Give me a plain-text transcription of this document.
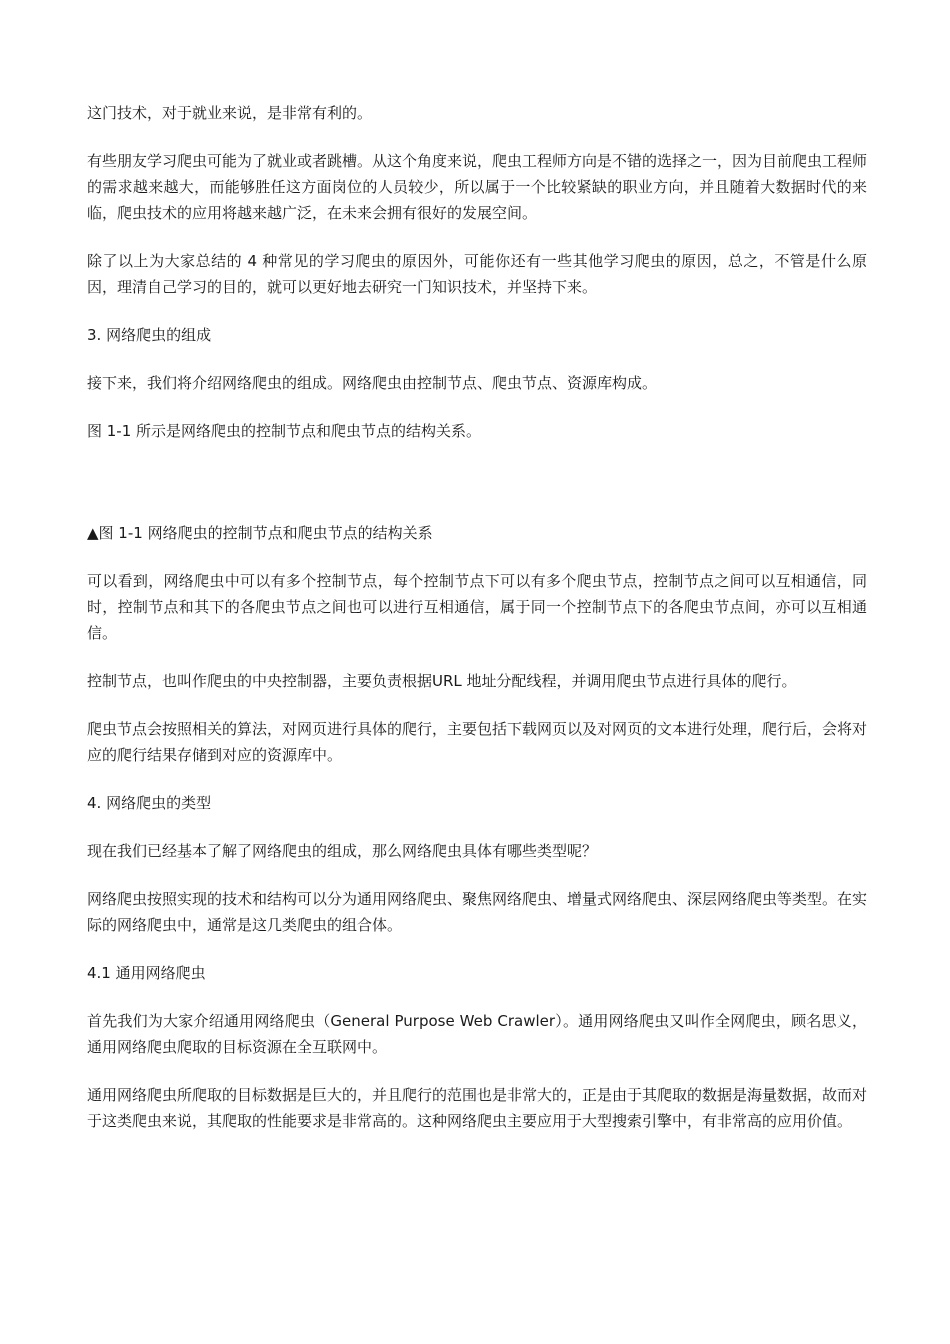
这门技术，对于就业来说，是非常有利的。

有些朋友学习爬虫可能为了就业或者跳槽。从这个角度来说，爬虫工程师方向是不错的选择之一，因为目前爬虫工程师的需求越来越大，而能够胜任这方面岗位的人员较少，所以属于一个比较紧缺的职业方向，并且随着大数据时代的来临，爬虫技术的应用将越来越广泛，在未来会拥有很好的发展空间。

除了以上为大家总结的 4 种常见的学习爬虫的原因外，可能你还有一些其他学习爬虫的原因，总之，不管是什么原因，理清自己学习的目的，就可以更好地去研究一门知识技术，并坚持下来。

3. 网络爬虫的组成

接下来，我们将介绍网络爬虫的组成。网络爬虫由控制节点、爬虫节点、资源库构成。

图 1-1 所示是网络爬虫的控制节点和爬虫节点的结构关系。

▲图 1-1 网络爬虫的控制节点和爬虫节点的结构关系

可以看到，网络爬虫中可以有多个控制节点，每个控制节点下可以有多个爬虫节点，控制节点之间可以互相通信，同时，控制节点和其下的各爬虫节点之间也可以进行互相通信，属于同一个控制节点下的各爬虫节点间，亦可以互相通信。

控制节点，也叫作爬虫的中央控制器，主要负责根据URL 地址分配线程，并调用爬虫节点进行具体的爬行。

爬虫节点会按照相关的算法，对网页进行具体的爬行，主要包括下载网页以及对网页的文本进行处理，爬行后，会将对应的爬行结果存储到对应的资源库中。

4. 网络爬虫的类型

现在我们已经基本了解了网络爬虫的组成，那么网络爬虫具体有哪些类型呢？

网络爬虫按照实现的技术和结构可以分为通用网络爬虫、聚焦网络爬虫、增量式网络爬虫、深层网络爬虫等类型。在实际的网络爬虫中，通常是这几类爬虫的组合体。

4.1 通用网络爬虫

首先我们为大家介绍通用网络爬虫（General Purpose Web Crawler）。通用网络爬虫又叫作全网爬虫，顾名思义，通用网络爬虫爬取的目标资源在全互联网中。

通用网络爬虫所爬取的目标数据是巨大的，并且爬行的范围也是非常大的，正是由于其爬取的数据是海量数据，故而对于这类爬虫来说，其爬取的性能要求是非常高的。这种网络爬虫主要应用于大型搜索引擎中，有非常高的应用价值。
